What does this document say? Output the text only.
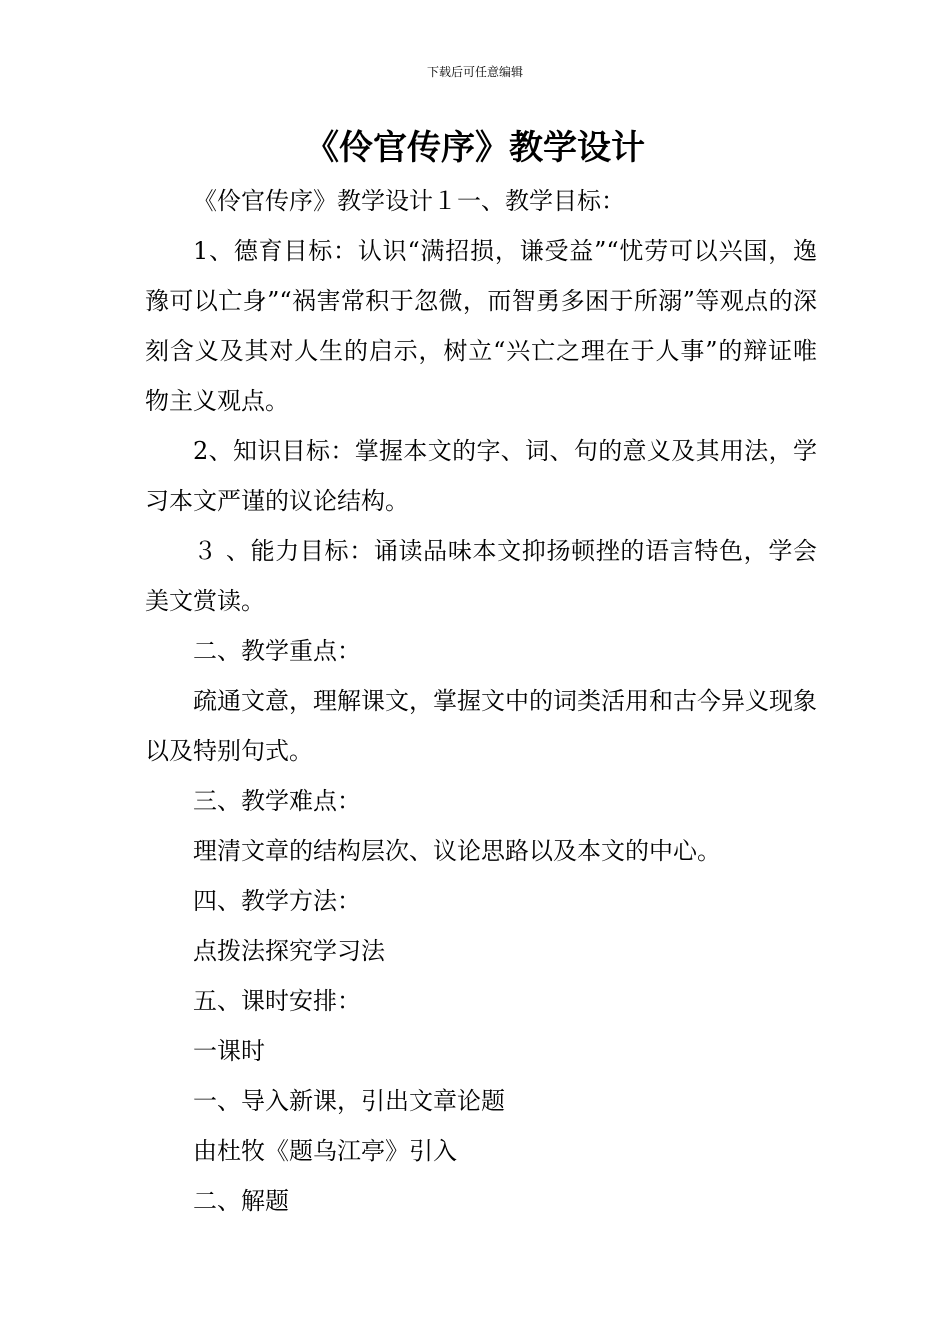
下载后可任意编辑
《伶官传序》教学设计

《伶官传序》教学设计１一、教学目标：

1、德育目标：认识“满招损，谦受益”“忧劳可以兴国，逸豫可以亡身”“祸害常积于忽微，而智勇多困于所溺”等观点的深刻含义及其对人生的启示，树立“兴亡之理在于人事”的辩证唯物主义观点。

2、知识目标：掌握本文的字、词、句的意义及其用法，学习本文严谨的议论结构。

３ 、能力目标：诵读品味本文抑扬顿挫的语言特色，学会美文赏读。

二、教学重点：

疏通文意，理解课文，掌握文中的词类活用和古今异义现象以及特别句式。

三、教学难点：

理清文章的结构层次、议论思路以及本文的中心。

四、教学方法：

点拨法探究学习法

五、课时安排：

一课时

一、导入新课，引出文章论题

由杜牧《题乌江亭》引入

二、解题
